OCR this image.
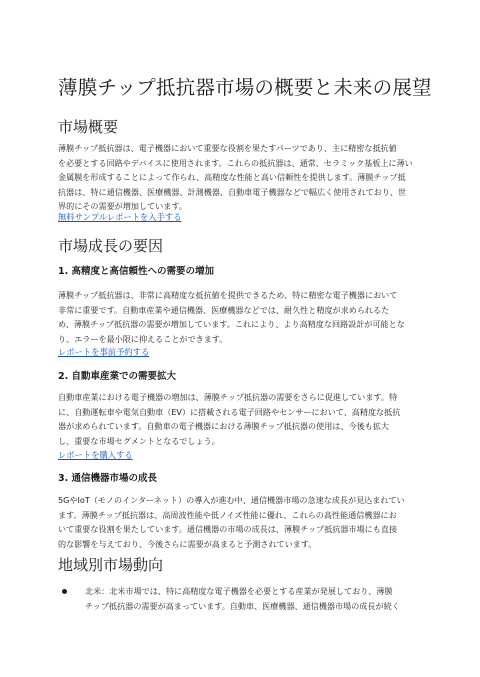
薄膜チップ抵抗器市場の概要と未来の展望
市場概要
薄膜チップ抵抗器は、電子機器において重要な役割を果たすパーツであり、主に精密な抵抗値
を必要とする回路やデバイスに使用されます。これらの抵抗器は、通常、セラミック基板上に薄い
金属膜を形成することによって作られ、高精度な性能と高い信頼性を提供します。薄膜チップ抵
抗器は、特に通信機器、医療機器、計測機器、自動車電子機器などで幅広く使用されており、世
界的にその需要が増加しています。
無料サンプルレポートを入手する
市場成長の要因
1. 高精度と高信頼性への需要の増加
薄膜チップ抵抗器は、非常に高精度な抵抗値を提供できるため、特に精密な電子機器において
非常に重要です。自動車産業や通信機器、医療機器などでは、耐久性と精度が求められるた
め、薄膜チップ抵抗器の需要が増加しています。これにより、より高精度な回路設計が可能とな
り、エラーを最小限に抑えることができます。
レポートを事前予約する
2. 自動車産業での需要拡大
自動車産業における電子機器の増加は、薄膜チップ抵抗器の需要をさらに促進しています。特
に、自動運転車や電気自動車（EV）に搭載される電子回路やセンサーにおいて、高精度な抵抗
器が求められています。自動車の電子機器における薄膜チップ抵抗器の使用は、今後も拡大
し、重要な市場セグメントとなるでしょう。
レポートを購入する
3. 通信機器市場の成長
5GやIoT（モノのインターネット）の導入が進む中、通信機器市場の急速な成長が見込まれてい
ます。薄膜チップ抵抗器は、高周波性能や低ノイズ性能に優れ、これらの高性能通信機器にお
いて重要な役割を果たしています。通信機器の市場の成長は、薄膜チップ抵抗器市場にも直接
的な影響を与えており、今後さらに需要が高まると予測されています。
地域別市場動向
北米：北米市場では、特に高精度な電子機器を必要とする産業が発展しており、薄膜
チップ抵抗器の需要が高まっています。自動車、医療機器、通信機器市場の成長が続く
